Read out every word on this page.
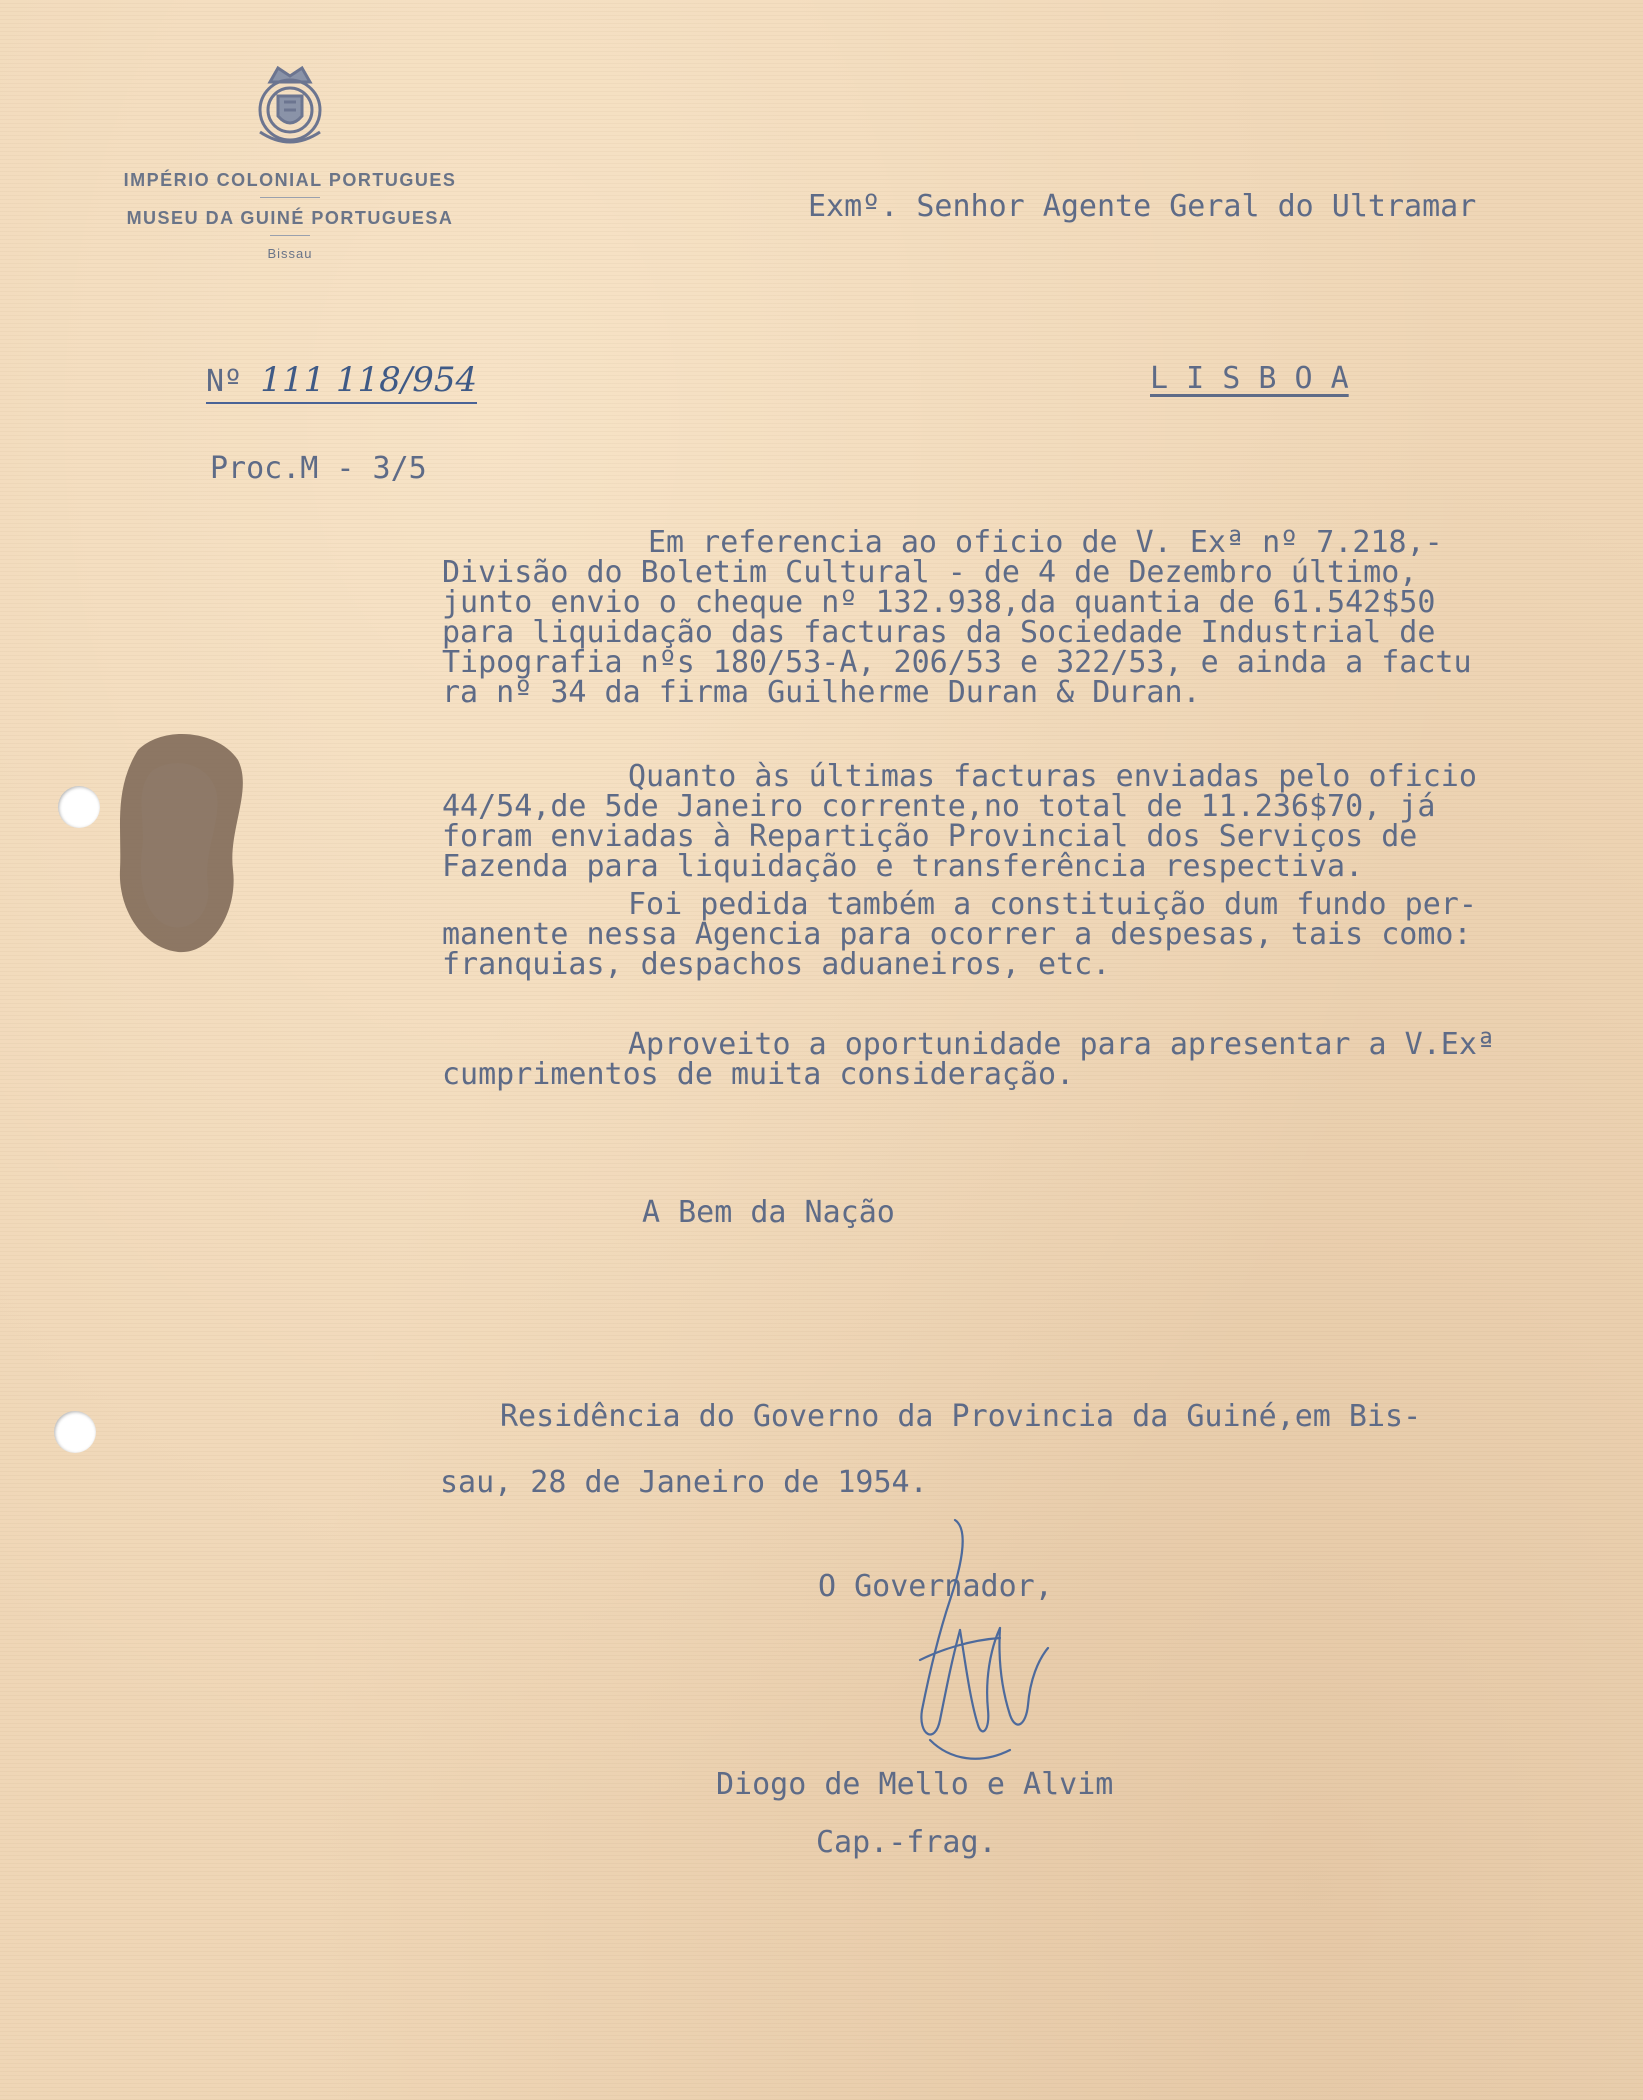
IMPÉRIO COLONIAL PORTUGUES
MUSEU DA GUINÉ PORTUGUESA
Bissau
Exmº. Senhor Agente Geral do Ultramar
L I S B O A
Nº 111 118/954
Proc.M - 3/5

Em referencia ao oficio de V. Exª nº 7.218,-

Divisão do Boletim Cultural - de 4 de Dezembro último,

junto envio o cheque nº 132.938,da quantia de 61.542$50

para liquidação das facturas da Sociedade Industrial de

Tipografia nºs 180/53-A, 206/53 e 322/53, e ainda a factu

ra nº 34 da firma Guilherme Duran & Duran.

Quanto às últimas facturas enviadas pelo oficio

44/54,de 5de Janeiro corrente,no total de 11.236$70, já

foram enviadas à Repartição Provincial dos Serviços de

Fazenda para liquidação e transferência respectiva.

Foi pedida também a constituição dum fundo per-

manente nessa Agencia para ocorrer a despesas, tais como:

franquias, despachos aduaneiros, etc.

Aproveito a oportunidade para apresentar a V.Exª

cumprimentos de muita consideração.

A Bem da Nação
Residência do Governo da Provincia da Guiné,em Bis-
sau, 28 de Janeiro de 1954.
O Governador,
Diogo de Mello e Alvim
Cap.-frag.
